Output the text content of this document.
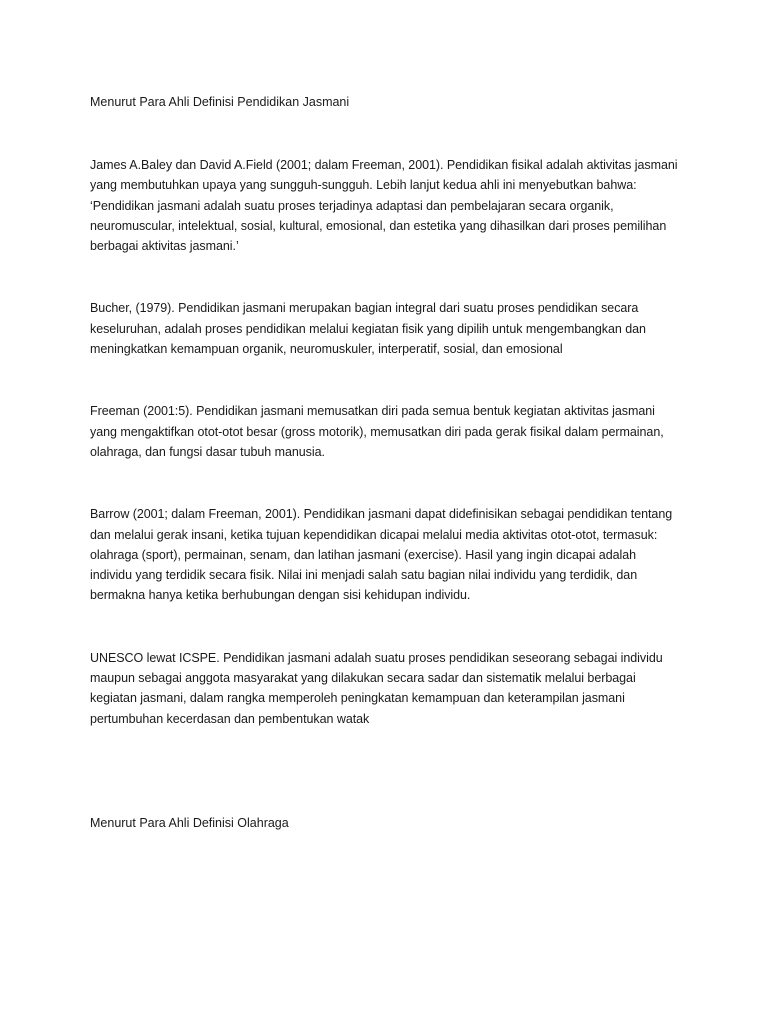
Menurut Para Ahli Definisi Pendidikan Jasmani

James A.Baley dan David A.Field (2001; dalam Freeman, 2001). Pendidikan fisikal adalah aktivitas jasmani yang membutuhkan upaya yang sungguh-sungguh. Lebih lanjut kedua ahli ini menyebutkan bahwa: ‘Pendidikan jasmani adalah suatu proses terjadinya adaptasi dan pembelajaran secara organik, neuromuscular, intelektual, sosial, kultural, emosional, dan estetika yang dihasilkan dari proses pemilihan berbagai aktivitas jasmani.’

Bucher, (1979). Pendidikan jasmani merupakan bagian integral dari suatu proses pendidikan secara keseluruhan, adalah proses pendidikan melalui kegiatan fisik yang dipilih untuk mengembangkan dan meningkatkan kemampuan organik, neuromuskuler, interperatif, sosial, dan emosional

Freeman (2001:5). Pendidikan jasmani memusatkan diri pada semua bentuk kegiatan aktivitas jasmani yang mengaktifkan otot-otot besar (gross motorik), memusatkan diri pada gerak fisikal dalam permainan, olahraga, dan fungsi dasar tubuh manusia.

Barrow (2001; dalam Freeman, 2001). Pendidikan jasmani dapat didefinisikan sebagai pendidikan tentang dan melalui gerak insani, ketika tujuan kependidikan dicapai melalui media aktivitas otot-otot, termasuk: olahraga (sport), permainan, senam, dan latihan jasmani (exercise). Hasil yang ingin dicapai adalah individu yang terdidik secara fisik. Nilai ini menjadi salah satu bagian nilai individu yang terdidik, dan bermakna hanya ketika berhubungan dengan sisi kehidupan individu.

UNESCO lewat ICSPE. Pendidikan jasmani adalah suatu proses pendidikan seseorang sebagai individu maupun sebagai anggota masyarakat yang dilakukan secara sadar dan sistematik melalui berbagai kegiatan jasmani, dalam rangka memperoleh peningkatan kemampuan dan keterampilan jasmani pertumbuhan kecerdasan dan pembentukan watak

Menurut Para Ahli Definisi Olahraga
